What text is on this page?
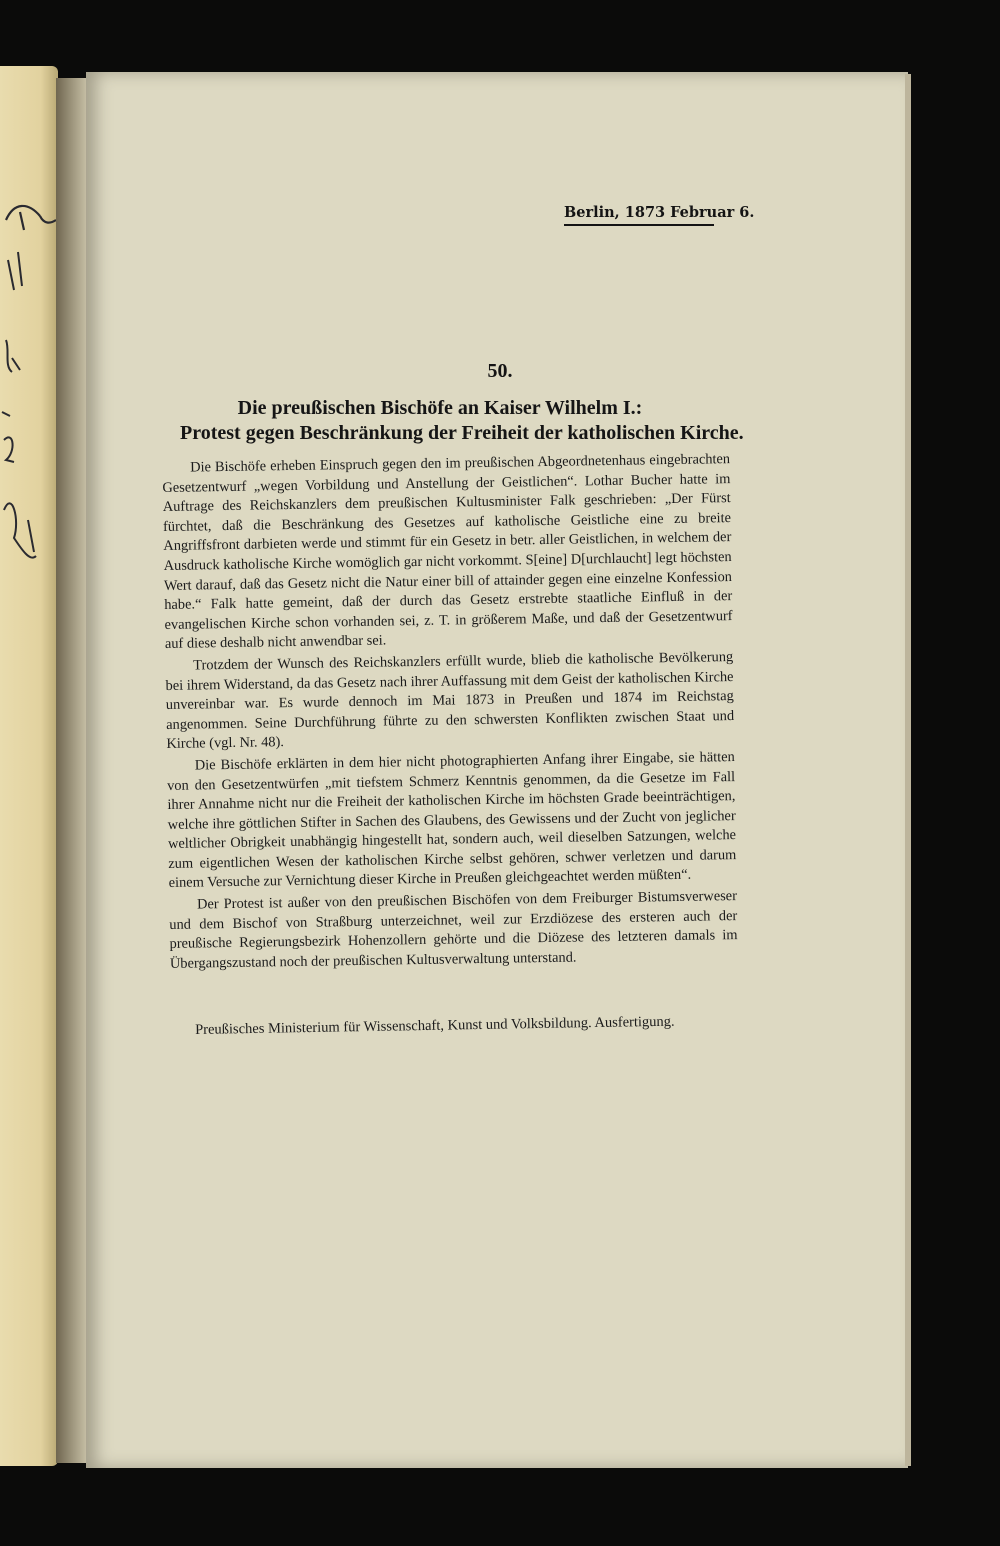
Berlin, 1873 Februar 6.
50.
Die preußischen Bischöfe an Kaiser Wilhelm I.:
Protest gegen Beschränkung der Freiheit der katholischen Kirche.

Die Bischöfe erheben Einspruch gegen den im preußischen Abgeordnetenhaus eingebrachten Gesetzentwurf „wegen Vorbildung und Anstellung der Geistlichen“. Lothar Bucher hatte im Auftrage des Reichskanzlers dem preußischen Kultusminister Falk geschrieben: „Der Fürst fürchtet, daß die Beschränkung des Gesetzes auf katholische Geistliche eine zu breite Angriffsfront darbieten werde und stimmt für ein Gesetz in betr. aller Geistlichen, in welchem der Ausdruck katholische Kirche womöglich gar nicht vorkommt. S[eine] D[urchlaucht] legt höchsten Wert darauf, daß das Gesetz nicht die Natur einer bill of attainder gegen eine einzelne Konfession habe.“ Falk hatte gemeint, daß der durch das Gesetz erstrebte staatliche Einfluß in der evangelischen Kirche schon vorhanden sei, z. T. in größerem Maße, und daß der Gesetzentwurf auf diese deshalb nicht anwendbar sei.

Trotzdem der Wunsch des Reichskanzlers erfüllt wurde, blieb die katholische Bevölkerung bei ihrem Widerstand, da das Gesetz nach ihrer Auffassung mit dem Geist der katholischen Kirche unvereinbar war. Es wurde dennoch im Mai 1873 in Preußen und 1874 im Reichstag angenommen. Seine Durchführung führte zu den schwersten Konflikten zwischen Staat und Kirche (vgl. Nr. 48).

Die Bischöfe erklärten in dem hier nicht photographierten Anfang ihrer Eingabe, sie hätten von den Gesetzentwürfen „mit tiefstem Schmerz Kenntnis genommen, da die Gesetze im Fall ihrer Annahme nicht nur die Freiheit der katholischen Kirche im höchsten Grade beeinträchtigen, welche ihre göttlichen Stifter in Sachen des Glaubens, des Gewissens und der Zucht von jeglicher weltlicher Obrigkeit unabhängig hingestellt hat, sondern auch, weil dieselben Satzungen, welche zum eigentlichen Wesen der katholischen Kirche selbst gehören, schwer verletzen und darum einem Versuche zur Vernichtung dieser Kirche in Preußen gleichgeachtet werden müßten“.

Der Protest ist außer von den preußischen Bischöfen von dem Freiburger Bistumsverweser und dem Bischof von Straßburg unterzeichnet, weil zur Erzdiözese des ersteren auch der preußische Regierungsbezirk Hohenzollern gehörte und die Diözese des letzteren damals im Übergangszustand noch der preußischen Kultusverwaltung unterstand.

Preußisches Ministerium für Wissenschaft, Kunst und Volksbildung. Ausfertigung.
